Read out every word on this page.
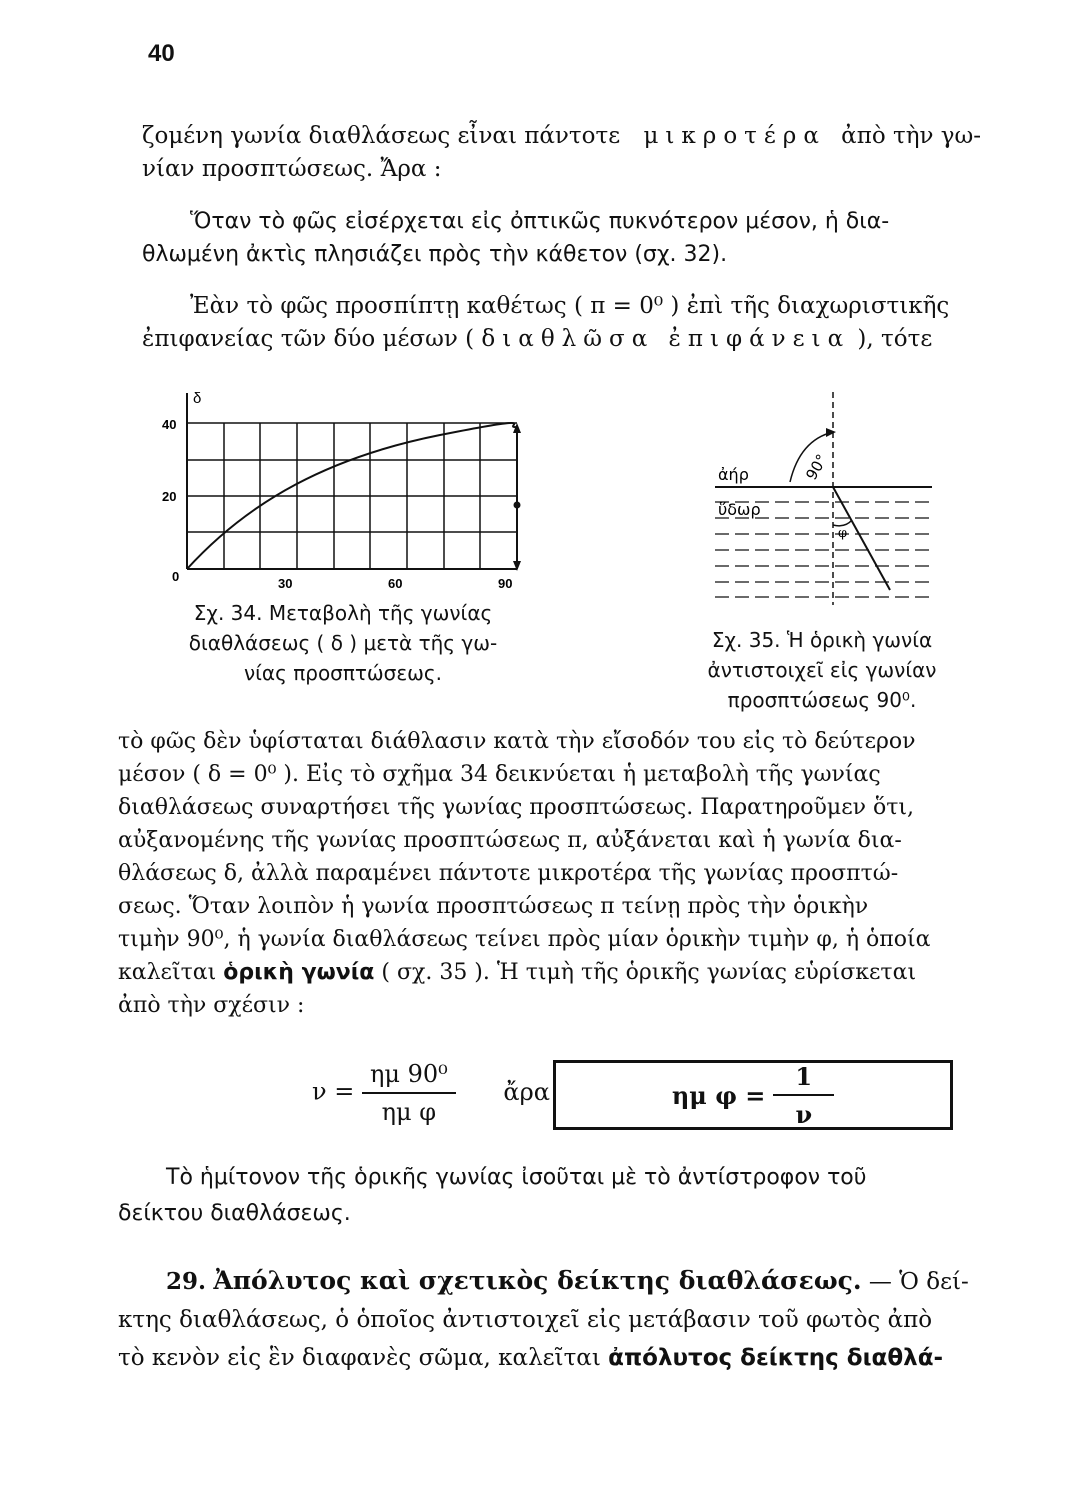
40
ζομένη γωνία διαθλάσεως εἶναι πάντοτε μικροτέρα ἀπὸ τὴν γω-
νίαν προσπτώσεως. Ἄρα :
Ὅταν τὸ φῶς εἰσέρχεται εἰς ὀπτικῶς πυκνότερον μέσον, ἡ δια-
θλωμένη ἀκτὶς πλησιάζει πρὸς τὴν κάθετον (σχ. 32).
Ἐὰν τὸ φῶς προσπίπτῃ καθέτως ( π = 0⁰ ) ἐπὶ τῆς διαχωριστικῆς
ἐπιφανείας τῶν δύο μέσων ( διαθλῶσα ἐπιφάνεια ), τότε
δ
40
20
0	30	60	90
Σχ. 34. Μεταβολὴ τῆς γωνίας
διαθλάσεως ( δ ) μετὰ τῆς γω-
νίας προσπτώσεως.
ἀήρ
ὕδωρ
90°
φ
Σχ. 35. Ἡ ὁρικὴ γωνία
ἀντιστοιχεῖ εἰς γωνίαν
προσπτώσεως 90⁰.
τὸ φῶς δὲν ὑφίσταται διάθλασιν κατὰ τὴν εἴσοδόν του εἰς τὸ δεύτερον
μέσον ( δ = 0⁰ ). Εἰς τὸ σχῆμα 34 δεικνύεται ἡ μεταβολὴ τῆς γωνίας
διαθλάσεως συναρτήσει τῆς γωνίας προσπτώσεως. Παρατηροῦμεν ὅτι,
αὐξανομένης τῆς γωνίας προσπτώσεως π, αὐξάνεται καὶ ἡ γωνία δια-
θλάσεως δ, ἀλλὰ παραμένει πάντοτε μικροτέρα τῆς γωνίας προσπτώ-
σεως. Ὅταν λοιπὸν ἡ γωνία προσπτώσεως π τείνῃ πρὸς τὴν ὁρικὴν
τιμὴν 90⁰, ἡ γωνία διαθλάσεως τείνει πρὸς μίαν ὁρικὴν τιμὴν φ, ἡ ὁποία
καλεῖται ὁρικὴ γωνία ( σχ. 35 ). Ἡ τιμὴ τῆς ὁρικῆς γωνίας εὑρίσκεται
ἀπὸ τὴν σχέσιν :
$\nu = \frac{\text{ημ 90⁰}}{\text{ημ φ}}$ ἄρα	ημ $\varphi = \frac{1}{\nu}$
Τὸ ἡμίτονον τῆς ὁρικῆς γωνίας ἰσοῦται μὲ τὸ ἀντίστροφον τοῦ
δείκτου διαθλάσεως.
29. Ἀπόλυτος καὶ σχετικὸς δείκτης διαθλάσεως. — Ὁ δεί-
κτης διαθλάσεως, ὁ ὁποῖος ἀντιστοιχεῖ εἰς μετάβασιν τοῦ φωτὸς ἀπὸ
τὸ κενὸν εἰς ἓν διαφανὲς σῶμα, καλεῖται ἀπόλυτος δείκτης διαθλά-
